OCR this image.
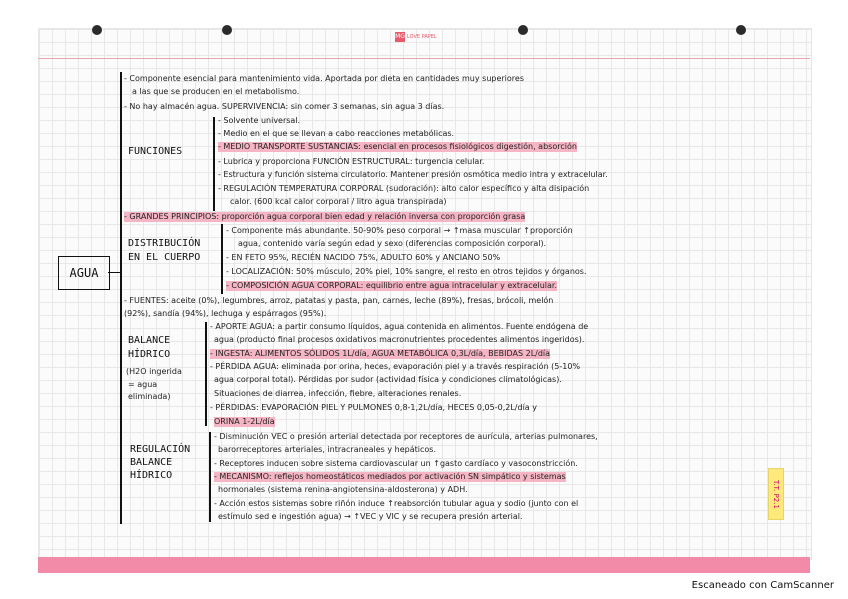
MG LOVE PAPEL
AGUA
- Componente esencial para mantenimiento vida. Aportada por dieta en cantidades muy superiores
a las que se producen en el metabolismo.
- No hay almacén agua. SUPERVIVENCIA: sin comer 3 semanas, sin agua 3 días.
FUNCIONES
- Solvente universal.
- Medio en el que se llevan a cabo reacciones metabólicas.
- MEDIO TRANSPORTE SUSTANCIAS: esencial en procesos fisiológicos digestión, absorción
- Lubrica y proporciona FUNCIÓN ESTRUCTURAL: turgencia celular.
- Estructura y función sistema circulatorio. Mantener presión osmótica medio intra y extracelular.
- REGULACIÓN TEMPERATURA CORPORAL (sudoración): alto calor específico y alta disipación
calor. (600 kcal calor corporal / litro agua transpirada)
- GRANDES PRINCIPIOS: proporción agua corporal bien edad y relación inversa con proporción grasa
DISTRIBUCIÓN
EN EL CUERPO
- Componente más abundante. 50-90% peso corporal → ↑masa muscular ↑proporción
agua, contenido varía según edad y sexo (diferencias composición corporal).
- EN FETO 95%, RECIÉN NACIDO 75%, ADULTO 60% y ANCIANO 50%
- LOCALIZACIÓN: 50% músculo, 20% piel, 10% sangre, el resto en otros tejidos y órganos.
- COMPOSICIÓN AGUA CORPORAL: equilibrio entre agua intracelular y extracelular.
- FUENTES: aceite (0%), legumbres, arroz, patatas y pasta, pan, carnes, leche (89%), fresas, brócoli, melón
(92%), sandía (94%), lechuga y espárragos (95%).
BALANCE
HÍDRICO
(H2O ingerida
= agua
eliminada)
- APORTE AGUA: a partir consumo líquidos, agua contenida en alimentos. Fuente endógena de
agua (producto final procesos oxidativos macronutrientes procedentes alimentos ingeridos).
- INGESTA: ALIMENTOS SÓLIDOS 1L/día, AGUA METABÓLICA 0,3L/día, BEBIDAS 2L/día
- PÉRDIDA AGUA: eliminada por orina, heces, evaporación piel y a través respiración (5-10%
agua corporal total). Pérdidas por sudor (actividad física y condiciones climatológicas).
Situaciones de diarrea, infección, fiebre, alteraciones renales.
- PÉRDIDAS: EVAPORACIÓN PIEL Y PULMONES 0,8-1,2L/día, HECES 0,05-0,2L/día y
ORINA 1-2L/día
REGULACIÓN
BALANCE
HÍDRICO
- Disminución VEC o presión arterial detectada por receptores de aurícula, arterias pulmonares,
barorreceptores arteriales, intracraneales y hepáticos.
- Receptores inducen sobre sistema cardiovascular un ↑gasto cardíaco y vasoconstricción.
- MECANISMO: reflejos homeostáticos mediados por activación SN simpático y sistemas
hormonales (sistema renina-angiotensina-aldosterona) y ADH.
- Acción estos sistemas sobre riñón induce ↑reabsorción tubular agua y sodio (junto con el
estímulo sed e ingestión agua) → ↑VEC y VIC y se recupera presión arterial.
T.T. P2.1
Escaneado con CamScanner
